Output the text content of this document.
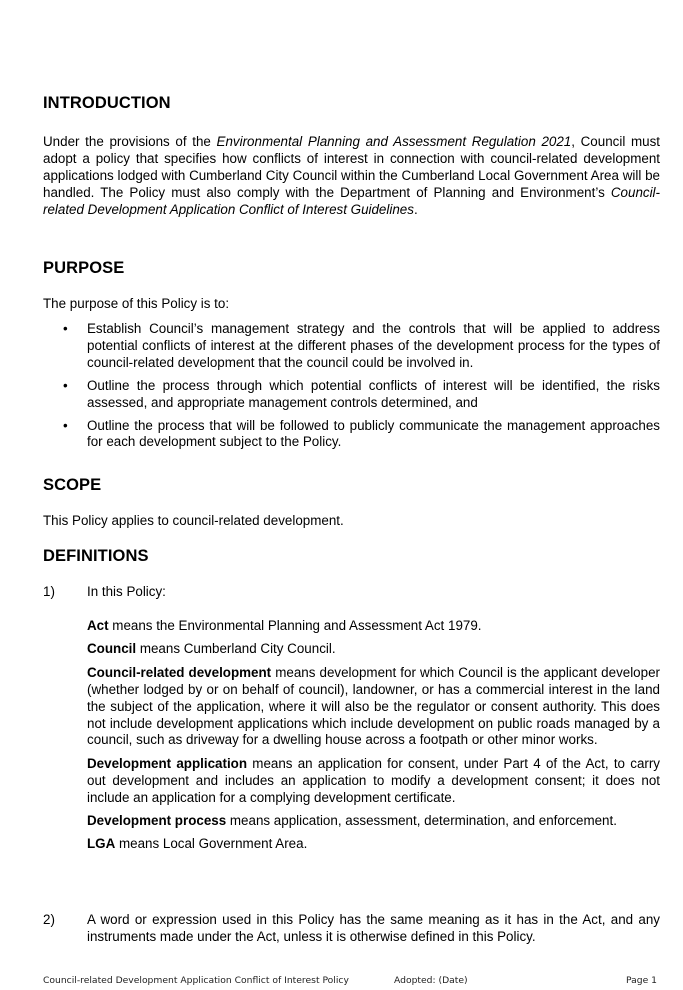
INTRODUCTION

Under the provisions of the Environmental Planning and Assessment Regulation 2021, Council must adopt a policy that specifies how conflicts of interest in connection with council-related development applications lodged with Cumberland City Council within the Cumberland Local Government Area will be handled. The Policy must also comply with the Department of Planning and Environment’s Council-related Development Application Conflict of Interest Guidelines.

PURPOSE

The purpose of this Policy is to:

• Establish Council’s management strategy and the controls that will be applied to address potential conflicts of interest at the different phases of the development process for the types of council-related development that the council could be involved in.
• Outline the process through which potential conflicts of interest will be identified, the risks assessed, and appropriate management controls determined, and
• Outline the process that will be followed to publicly communicate the management approaches for each development subject to the Policy.
SCOPE

This Policy applies to council-related development.

DEFINITIONS
1) In this Policy:

Act means the Environmental Planning and Assessment Act 1979.

Council means Cumberland City Council.

Council-related development means development for which Council is the applicant developer (whether lodged by or on behalf of council), landowner, or has a commercial interest in the land the subject of the application, where it will also be the regulator or consent authority. This does not include development applications which include development on public roads managed by a council, such as driveway for a dwelling house across a footpath or other minor works.

Development application means an application for consent, under Part 4 of the Act, to carry out development and includes an application to modify a development consent; it does not include an application for a complying development certificate.

Development process means application, assessment, determination, and enforcement.

LGA means Local Government Area.

2) A word or expression used in this Policy has the same meaning as it has in the Act, and any instruments made under the Act, unless it is otherwise defined in this Policy.

Council-related Development Application Conflict of Interest Policy	Adopted: (Date)	Page 1
